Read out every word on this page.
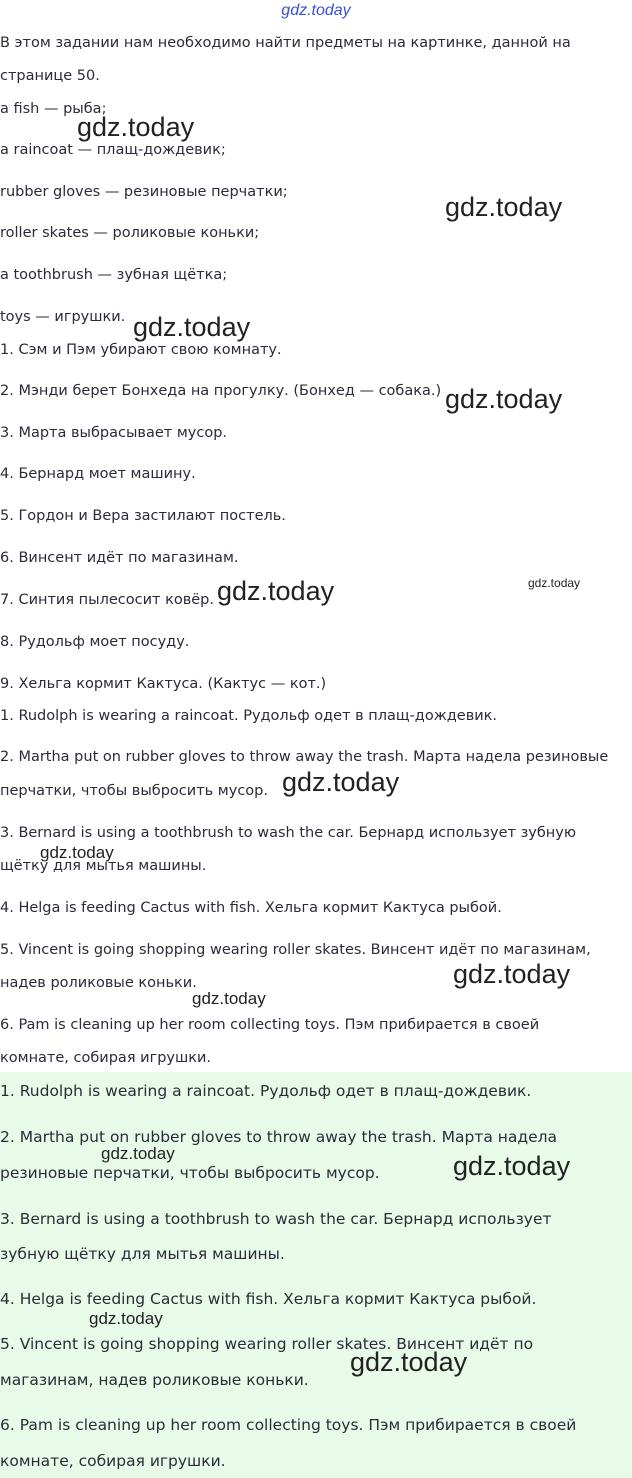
gdz.today

В этом задании нам необходимо найти предметы на картинке, данной на

странице 50.

a fish — рыба;

a raincoat — плащ-дождевик;

rubber gloves — резиновые перчатки;

roller skates — роликовые коньки;

a toothbrush — зубная щётка;

toys — игрушки.

1. Сэм и Пэм убирают свою комнату.

2. Мэнди берет Бонхеда на прогулку. (Бонхед — собака.)

3. Марта выбрасывает мусор.

4. Бернард моет машину.

5. Гордон и Вера застилают постель.

6. Винсент идёт по магазинам.

7. Синтия пылесосит ковёр.

8. Рудольф моет посуду.

9. Хельга кормит Кактуса. (Кактус — кот.)

1. Rudolph is wearing a raincoat. Рудольф одет в плащ-дождевик.

2. Martha put on rubber gloves to throw away the trash. Марта надела резиновые

перчатки, чтобы выбросить мусор.

3. Bernard is using a toothbrush to wash the car. Бернард использует зубную

щётку для мытья машины.

4. Helga is feeding Cactus with fish. Хельга кормит Кактуса рыбой.

5. Vincent is going shopping wearing roller skates. Винсент идёт по магазинам,

надев роликовые коньки.

6. Pam is cleaning up her room collecting toys. Пэм прибирается в своей

комнате, собирая игрушки.

1. Rudolph is wearing a raincoat. Рудольф одет в плащ-дождевик.

2. Martha put on rubber gloves to throw away the trash. Марта надела

резиновые перчатки, чтобы выбросить мусор.

3. Bernard is using a toothbrush to wash the car. Бернард использует

зубную щётку для мытья машины.

4. Helga is feeding Cactus with fish. Хельга кормит Кактуса рыбой.

5. Vincent is going shopping wearing roller skates. Винсент идёт по

магазинам, надев роликовые коньки.

6. Pam is cleaning up her room collecting toys. Пэм прибирается в своей

комнате, собирая игрушки.

gdz.today
gdz.today
gdz.today
gdz.today
gdz.today
gdz.today
gdz.today
gdz.today
gdz.today
gdz.today
gdz.today	gdz.today
gdz.today
gdz.today
